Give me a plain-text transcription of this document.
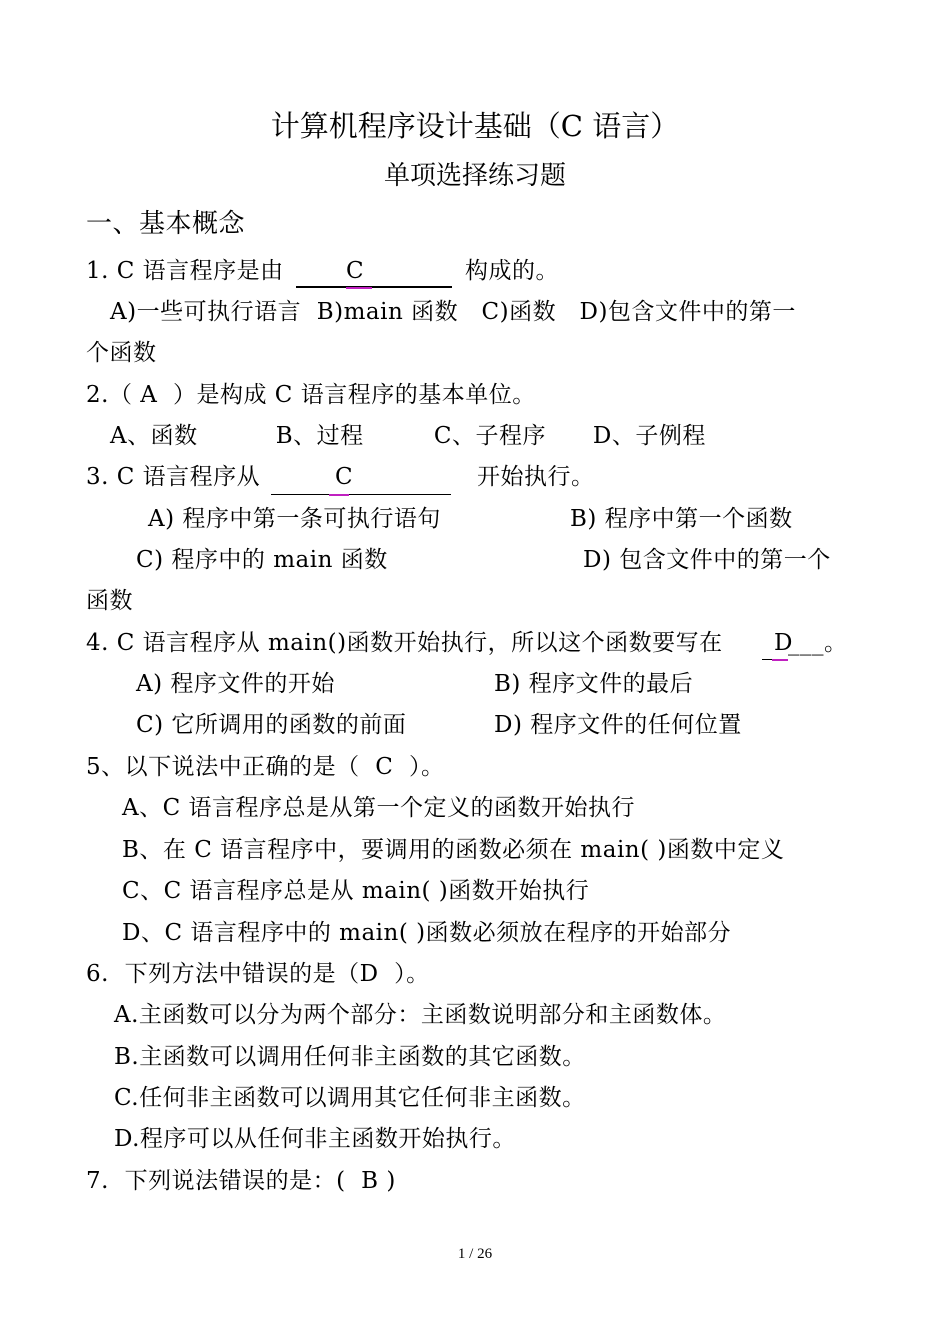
计算机程序设计基础（C 语言）
单项选择练习题
一、基本概念
1. C 语言程序是由	C	构成的。
A)一些可执行语言  B)main 函数   C)函数   D)包含文件中的第一
个函数
2.（ A  ）是构成 C 语言程序的基本单位。
A、函数          B、过程         C、子程序      D、子例程
3. C 语言程序从	C	开始执行。
A) 程序中第一条可执行语句	B) 程序中第一个函数
C) 程序中的 main 函数	D) 包含文件中的第一个
函数
4. C 语言程序从 main()函数开始执行，所以这个函数要写在 D
___。
A) 程序文件的开始	B) 程序文件的最后
C) 它所调用的函数的前面	D) 程序文件的任何位置
5、以下说法中正确的是（  C  ）。
A、C 语言程序总是从第一个定义的函数开始执行
B、在 C 语言程序中，要调用的函数必须在 main( )函数中定义
C、C 语言程序总是从 main( )函数开始执行
D、C 语言程序中的 main( )函数必须放在程序的开始部分
6.  下列方法中错误的是（D  ）。
A.主函数可以分为两个部分：主函数说明部分和主函数体。
B.主函数可以调用任何非主函数的其它函数。
C.任何非主函数可以调用其它任何非主函数。
D.程序可以从任何非主函数开始执行。
7.  下列说法错误的是：(  B )
1 / 26
